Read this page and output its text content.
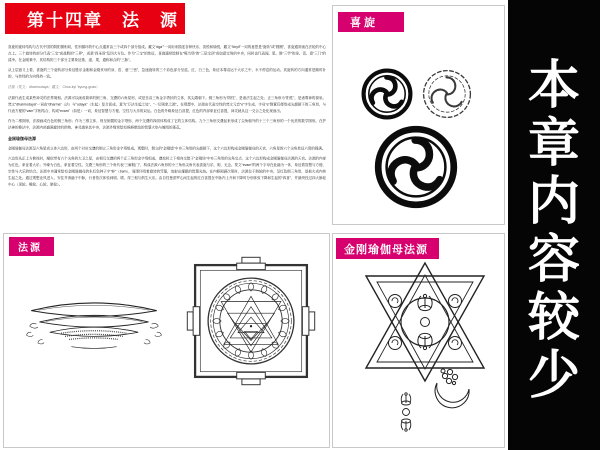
第十四章　法　源

喜旋的旋转结构与古代中国的阴阳图相同，性别循环的中心点通常由三个或四个部分组成。藏文“dga'”一词用来描述各种快乐、喜悦和愉悦，藏文“'khyil”一词的意思是“旋转”或“圆圈”，喜旋通常画在法轮的中心点上。三个旋转的部分代表“三宝”或战胜的“三界”，或是“四圣谛”及四大方位。作为“三宝”的象征，喜旋通常绘制在“噶当塔”的“三层宝顶”或如意宝珠的中央，同时也代表闻、思、修“三学”和身、语、意“三门”的清净。在金刚乘中，其结构的三个部分主要象征基、道、果，通称和合的“三脉”。

从上层意义上看，喜旋的三个旋转部分象征胜乐金刚和金刚亥母的身、语、意“三密”，急速旋转的三个彩色部分呈蓝、红、白三色，象征本尊双运于大乐之中、永不停息的运动。其旋转的方向通常是顺时针的，与转经的方向保持一致。

法源（梵文：dharmodaya；藏文：Chos-kyi 'byung-gnas）

法源代表生成某些神灵的法界境相。法源可以画成简单的倒三角、交叠的六角星形，或是呈双三角金字塔状的立体，其尖端朝下。倒三角形为“阴性”，是诸法生起之处；正三角形为“阳性”，是诸尊神的源泉。梵文“dharmodaya”一词由“dharma”（法）与“udaya”（生起）复合而成，意为“万法生起之处”、“一切现象之源”。在观想中，法源由代表空性的梵文元音“e”字生成，字母“e”倒置后便形成尖端朝下的三角形，与代表方便的“vam”字相结合，构成“evam”（如是）一词，象征智慧与方便、空性与大乐的双运。白色的外缘象征白菩提，红色的内部象征红菩提，神灵就从这一交合之处化现而出。

作为二维图形，法源画成白色的倒三角形；作为三维立体，则呈倒置的金字塔形，两个交叠的四面体构成了它的立体结构。九个三角形交叠起来形成了尖角朝外的十三个三角形的一个优美的数学图形。在护法神的修法中，法源内部盛满旋转的供物，神灵端坐其中央，法源外缘常绘有熊熊燃烧的智慧火焰与缠绕的莲花。

金刚瑜伽母法源

金刚瑜伽母法源呈六角星或立体六边形，由两个对应交叠的倒立三角形金字塔组成。观想时，倒立的“金刚墙”中央三角形的尖端朝下，这个六边形构成金刚瑜伽母的天宫，六角星的六个尖角象征六度的圆满。

六边形从正上方俯视时，酷似带有六个尖角的大卫之星，由相互交叠的两个正三角形金字塔组成，叠放时上下相向交错于“金刚场”中央三角形的尖角交点，这个六边形构成金刚瑜伽母法源的天宫。法源的内部为红色，象征着大乐；外缘为白色，象征着空性。交叠三角形的三个角代表“三解脱门”，构成法源六角形的小三角形尖角代表喜旋与乐、明、无念。梵文“evam”的两个字母在此融为一体，象征着智慧与方便、空性与大乐的结合。法源中央通常绘有金刚瑜伽母的朱红色种子字“蚌”（bam），周围环绕着旋转的咒鬘，放射出耀眼的智慧光焰。在内修圆满次第时，法源位于脐轮的中央，呈红色倒三角形，是拙火或内热生起之处。通过观想业风进入、安住并消融于中脉，行者依次体验到明、增、得三相与俱生大乐。由自性曼荼罗心间生起的红白菩提在中脉内上升和下降时分别体验下降和生起的“四喜”，并最终经过四大脉轮中心（顶轮、喉轮、心轮、脐轮）。

喜旋
法源	金刚瑜伽母法源
本
章
内
容
较
少
